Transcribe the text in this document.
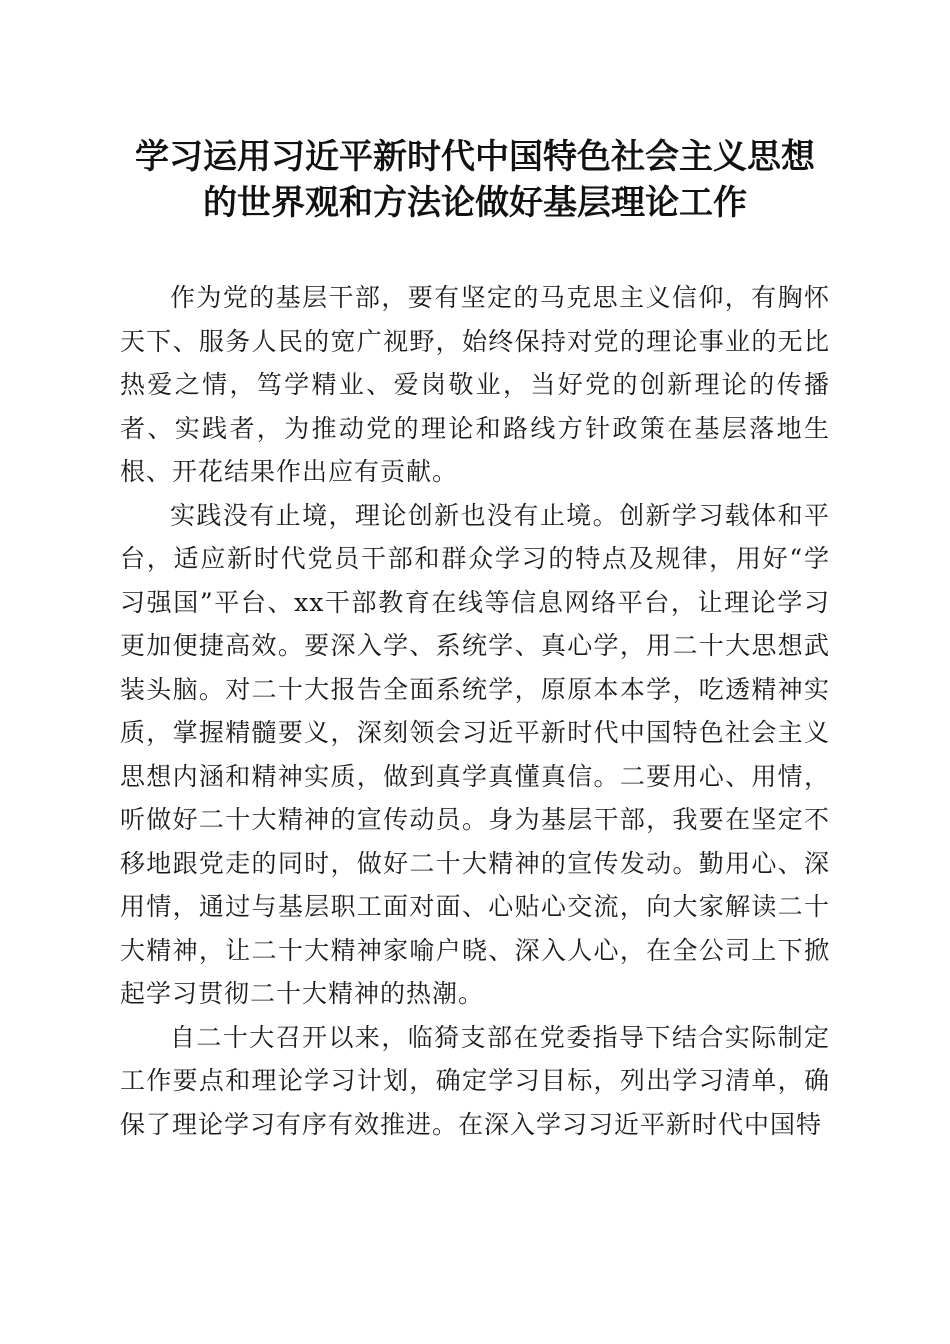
学习运用习近平新时代中国特色社会主义思想
的世界观和方法论做好基层理论工作

作为党的基层干部，要有坚定的马克思主义信仰，有胸怀天下、服务人民的宽广视野，始终保持对党的理论事业的无比热爱之情，笃学精业、爱岗敬业，当好党的创新理论的传播者、实践者，为推动党的理论和路线方针政策在基层落地生根、开花结果作出应有贡献。

实践没有止境，理论创新也没有止境。创新学习载体和平台，适应新时代党员干部和群众学习的特点及规律，用好“学习强国”平台、xx干部教育在线等信息网络平台，让理论学习更加便捷高效。要深入学、系统学、真心学，用二十大思想武装头脑。对二十大报告全面系统学，原原本本学，吃透精神实质，掌握精髓要义，深刻领会习近平新时代中国特色社会主义思想内涵和精神实质，做到真学真懂真信。二要用心、用情，听做好二十大精神的宣传动员。身为基层干部，我要在坚定不移地跟党走的同时，做好二十大精神的宣传发动。勤用心、深用情，通过与基层职工面对面、心贴心交流，向大家解读二十大精神，让二十大精神家喻户晓、深入人心，在全公司上下掀起学习贯彻二十大精神的热潮。

自二十大召开以来，临猗支部在党委指导下结合实际制定工作要点和理论学习计划，确定学习目标，列出学习清单，确保了理论学习有序有效推进。在深入学习习近平新时代中国特
